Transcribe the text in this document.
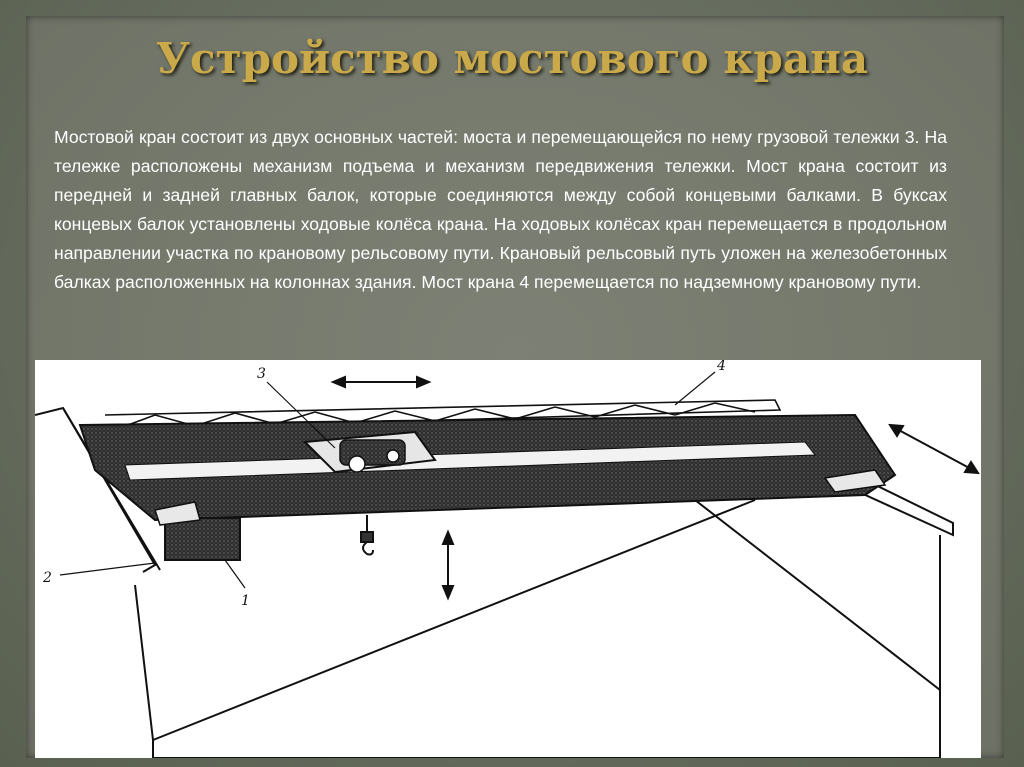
Устройство мостового крана
Мостовой кран состоит из двух основных частей: моста и перемещающейся по нему грузовой тележки 3. На тележке расположены механизм подъема и механизм передвижения тележки. Мост крана состоит из передней и задней главных балок, которые соединяются между собой концевыми балками. В буксах концевых балок установлены ходовые колёса крана. На ходовых колёсах кран перемещается в продольном направлении участка по крановому рельсовому пути. Крановый рельсовый путь уложен на железобетонных балках расположенных на колоннах здания. Мост крана 4 перемещается по надземному крановому пути.
3	4
2
1
